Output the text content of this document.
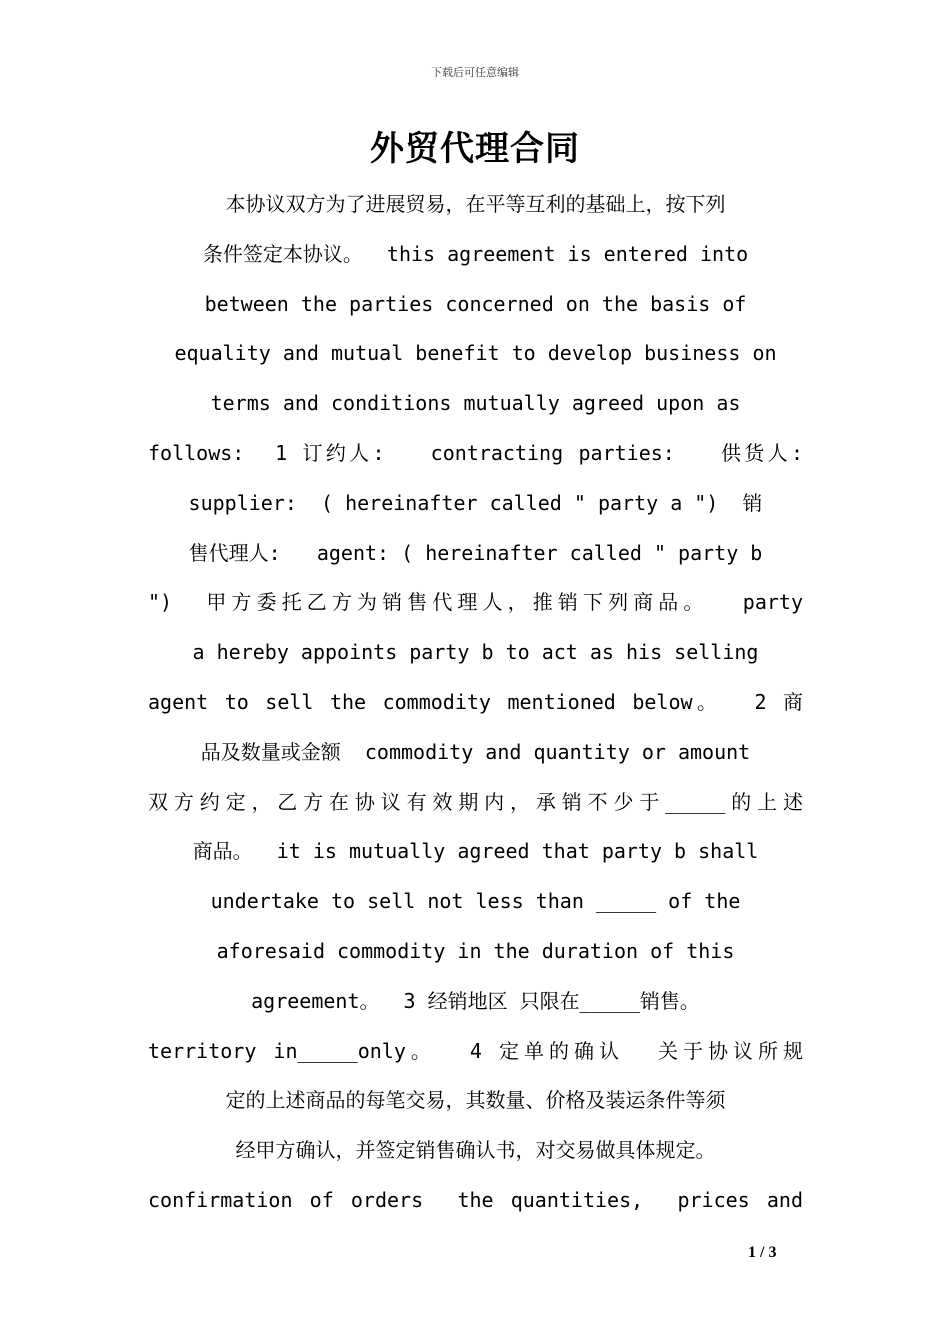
下载后可任意编辑
外贸代理合同
本协议双方为了进展贸易，在平等互利的基础上，按下列
条件签定本协议。  this agreement is entered into
between the parties concerned on the basis of
equality and mutual benefit to develop business on
terms and conditions mutually agreed upon as
follows:  1 订约人:   contracting parties:   供货人:
supplier:  ( hereinafter called " party a ")  销
售代理人:   agent: ( hereinafter called " party b
")  甲方委托乙方为销售代理人，推销下列商品。  party
a hereby appoints party b to act as his selling
agent to sell the commodity mentioned below。  2 商
品及数量或金额  commodity and quantity or amount
双方约定，乙方在协议有效期内，承销不少于_____的上述
商品。  it is mutually agreed that party b shall
undertake to sell not less than _____ of the
aforesaid commodity in the duration of this
agreement。  3 经销地区 只限在_____销售。
territory in_____only。  4 定单的确认  关于协议所规
定的上述商品的每笔交易，其数量、价格及装运条件等须
经甲方确认，并签定销售确认书，对交易做具体规定。
confirmation of orders  the quantities,  prices and
1 / 3
